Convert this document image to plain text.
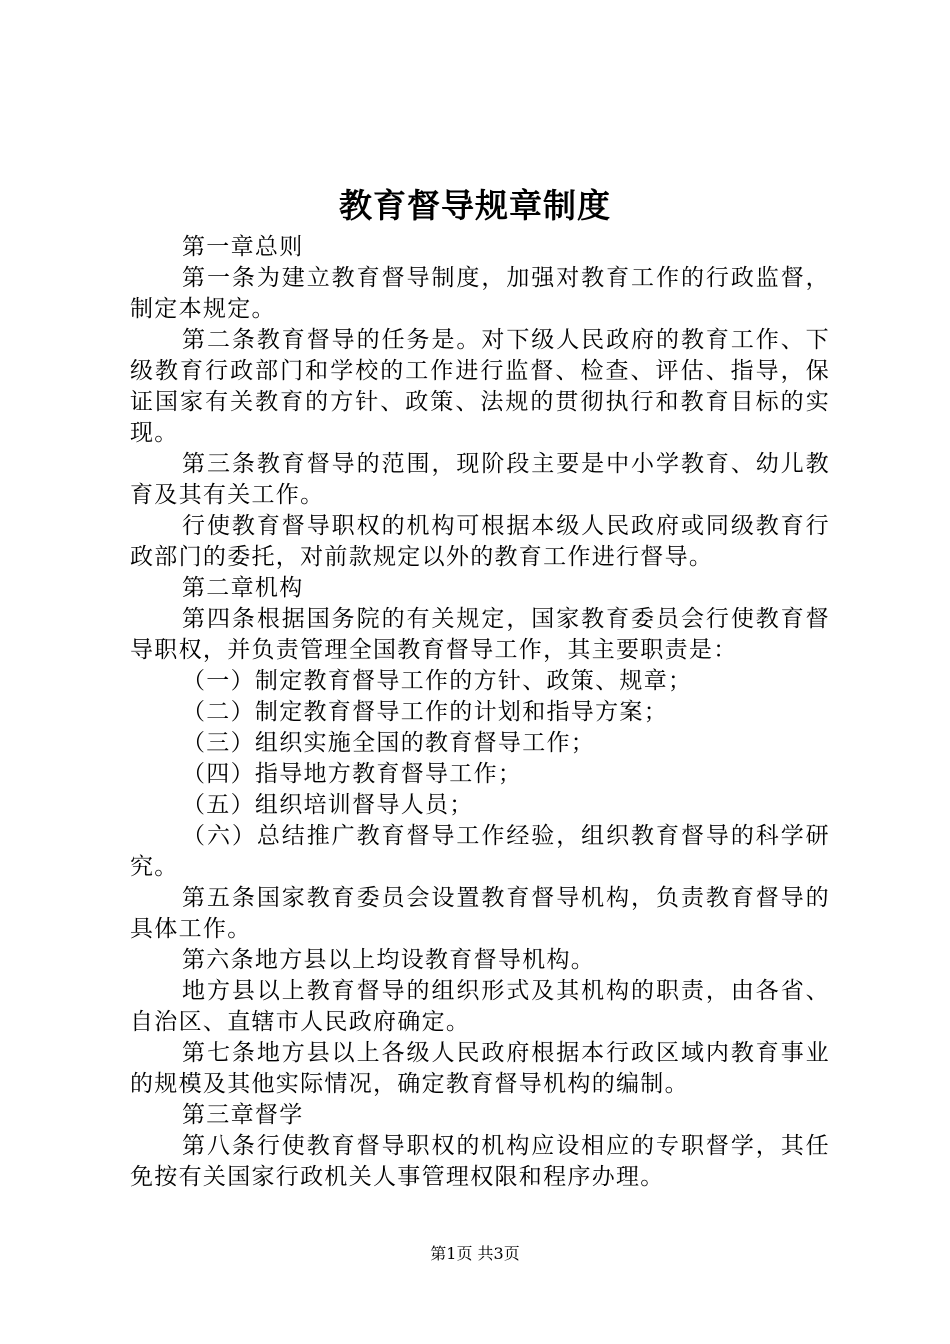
教育督导规章制度

第一章总则

第一条为建立教育督导制度，加强对教育工作的行政监督，制定本规定。

第二条教育督导的任务是。对下级人民政府的教育工作、下级教育行政部门和学校的工作进行监督、检查、评估、指导，保证国家有关教育的方针、政策、法规的贯彻执行和教育目标的实现。

第三条教育督导的范围，现阶段主要是中小学教育、幼儿教育及其有关工作。

行使教育督导职权的机构可根据本级人民政府或同级教育行政部门的委托，对前款规定以外的教育工作进行督导。

第二章机构

第四条根据国务院的有关规定，国家教育委员会行使教育督导职权，并负责管理全国教育督导工作，其主要职责是：

（一）制定教育督导工作的方针、政策、规章；

（二）制定教育督导工作的计划和指导方案；

（三）组织实施全国的教育督导工作；

（四）指导地方教育督导工作；

（五）组织培训督导人员；

（六）总结推广教育督导工作经验，组织教育督导的科学研究。

第五条国家教育委员会设置教育督导机构，负责教育督导的具体工作。

第六条地方县以上均设教育督导机构。

地方县以上教育督导的组织形式及其机构的职责，由各省、自治区、直辖市人民政府确定。

第七条地方县以上各级人民政府根据本行政区域内教育事业的规模及其他实际情况，确定教育督导机构的编制。

第三章督学

第八条行使教育督导职权的机构应设相应的专职督学，其任免按有关国家行政机关人事管理权限和程序办理。

第1页 共3页
